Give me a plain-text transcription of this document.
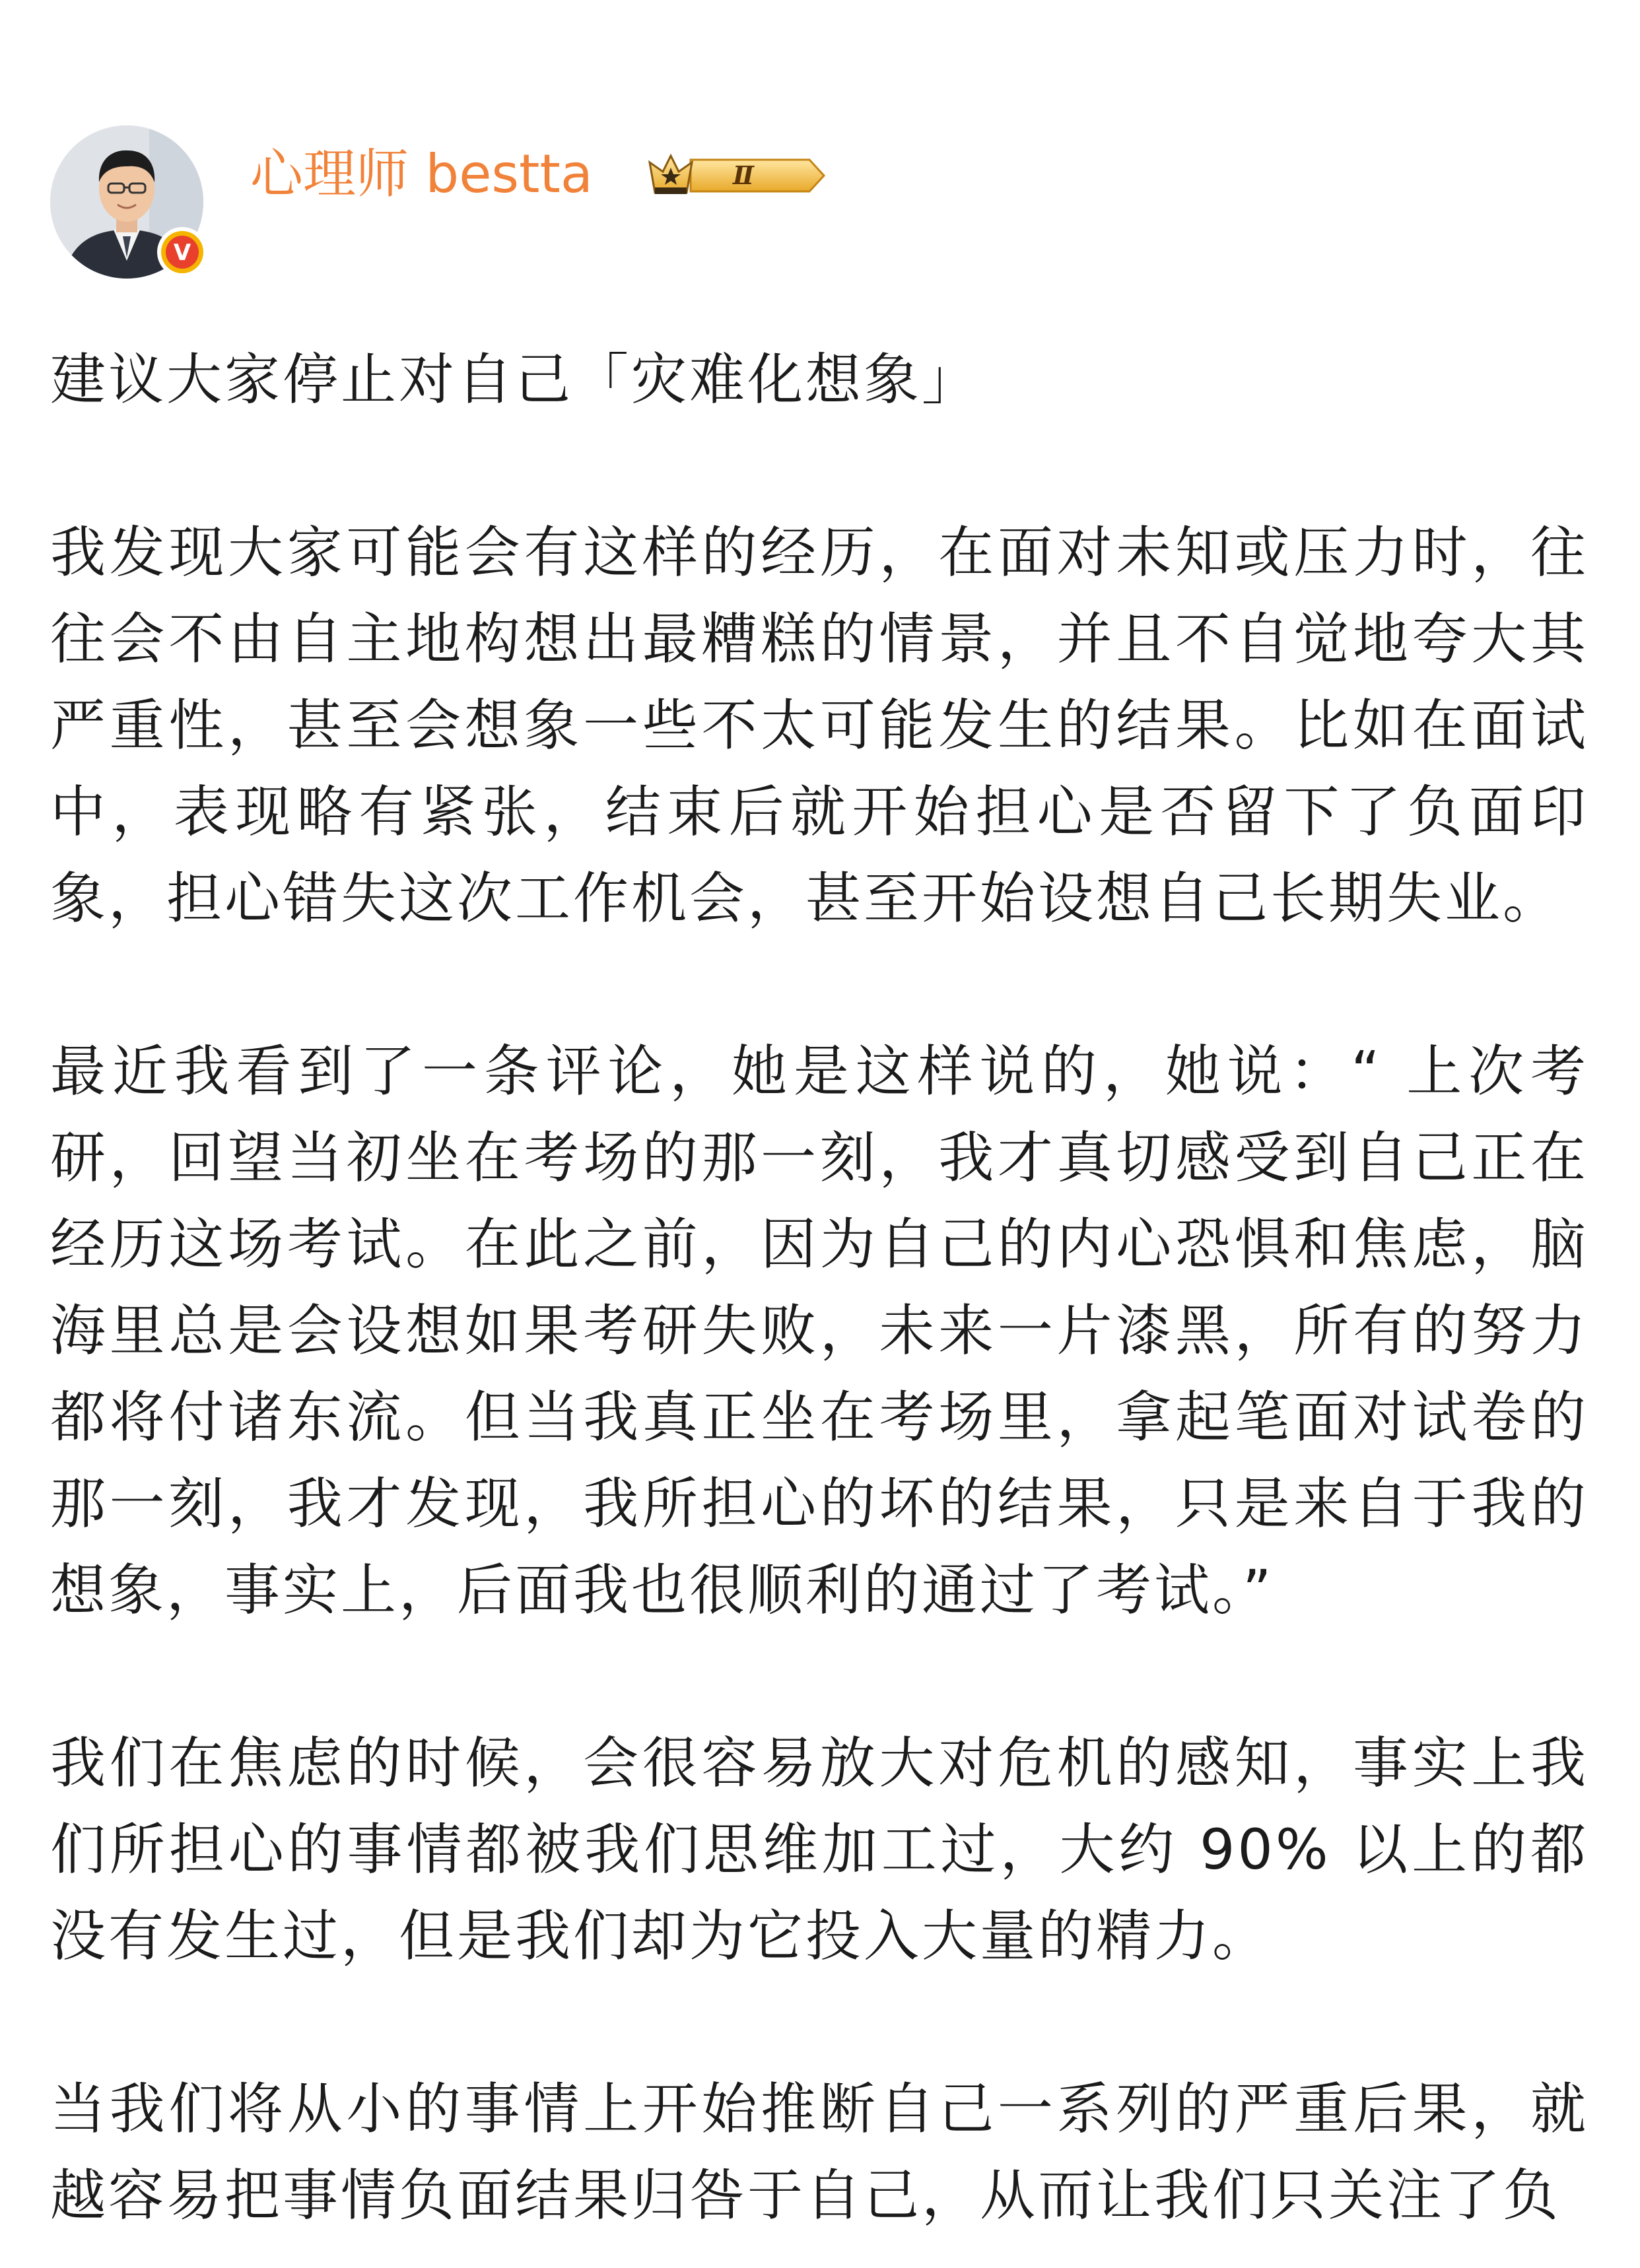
V
心理师 bestta	Ⅱ

建议大家停止对自己「灾难化想象」

我发现大家可能会有这样的经历，在面对未知或压力时，往往会不由自主地构想出最糟糕的情景，并且不自觉地夸大其严重性，甚至会想象一些不太可能发生的结果。比如在面试中，表现略有紧张，结束后就开始担心是否留下了负面印象，担心错失这次工作机会，甚至开始设想自己长期失业。

最近我看到了一条评论，她是这样说的，她说：“ 上次考研，回望当初坐在考场的那一刻，我才真切感受到自己正在经历这场考试。在此之前，因为自己的内心恐惧和焦虑，脑海里总是会设想如果考研失败，未来一片漆黑，所有的努力都将付诸东流。但当我真正坐在考场里，拿起笔面对试卷的那一刻，我才发现，我所担心的坏的结果，只是来自于我的想象，事实上，后面我也很顺利的通过了考试。”

我们在焦虑的时候，会很容易放大对危机的感知，事实上我们所担心的事情都被我们思维加工过，大约 90% 以上的都没有发生过，但是我们却为它投入大量的精力。

当我们将从小的事情上开始推断自己一系列的严重后果，就越容易把事情负面结果归咎于自己，从而让我们只关注了负
